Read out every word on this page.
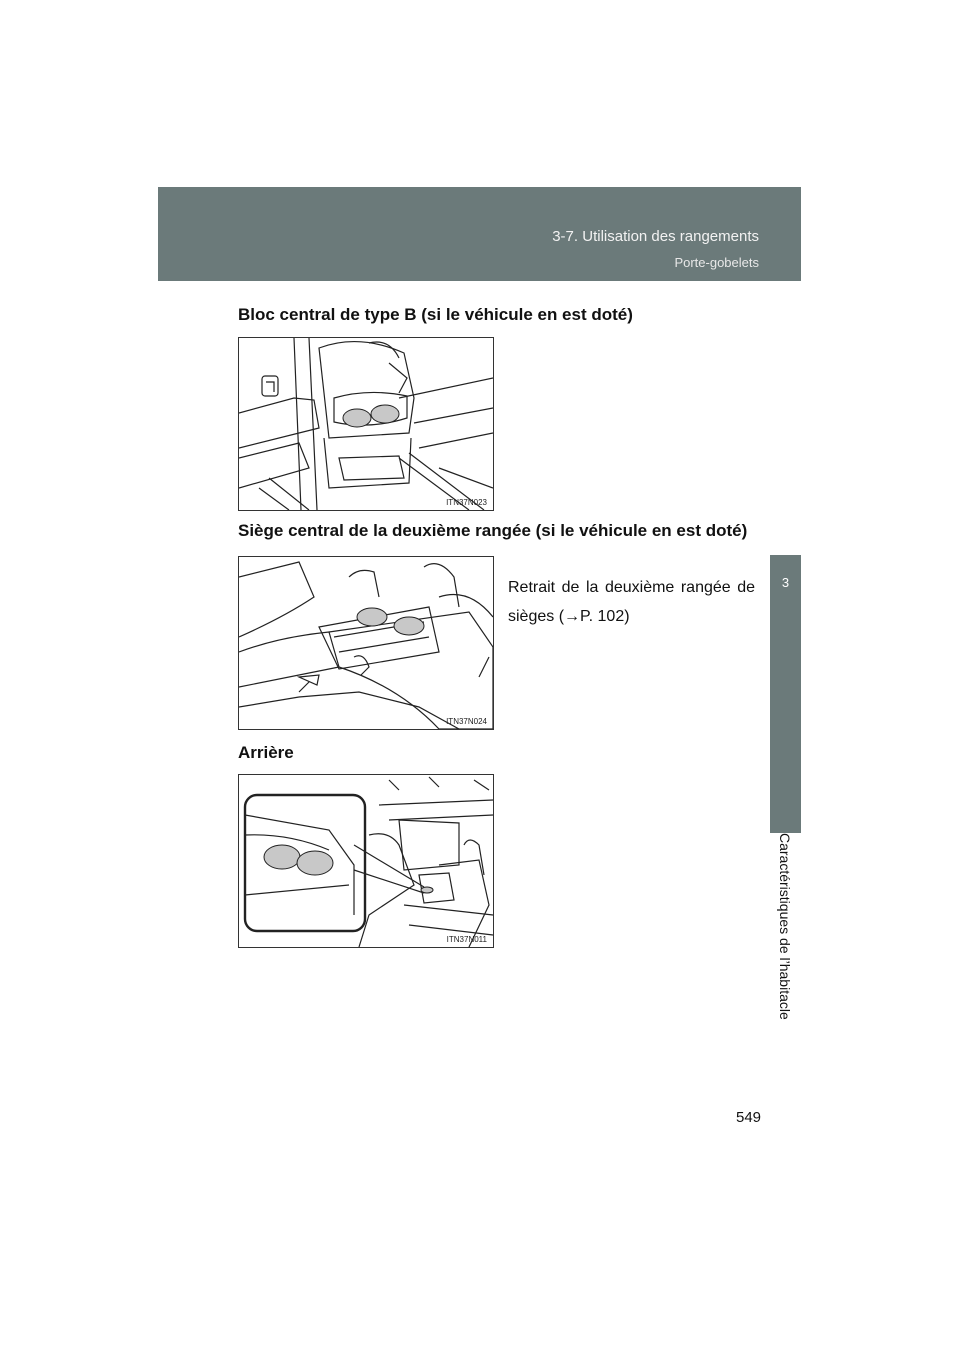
3-7. Utilisation des rangements
Porte-gobelets
3
Caractéristiques de l’habitacle
Bloc central de type B (si le véhicule en est doté)
ITN37N023
Siège central de la deuxième rangée (si le véhicule en est doté)
ITN37N024
Retrait de la deuxième rangée de sièges (→P. 102)
Arrière
ITN37N011
549
